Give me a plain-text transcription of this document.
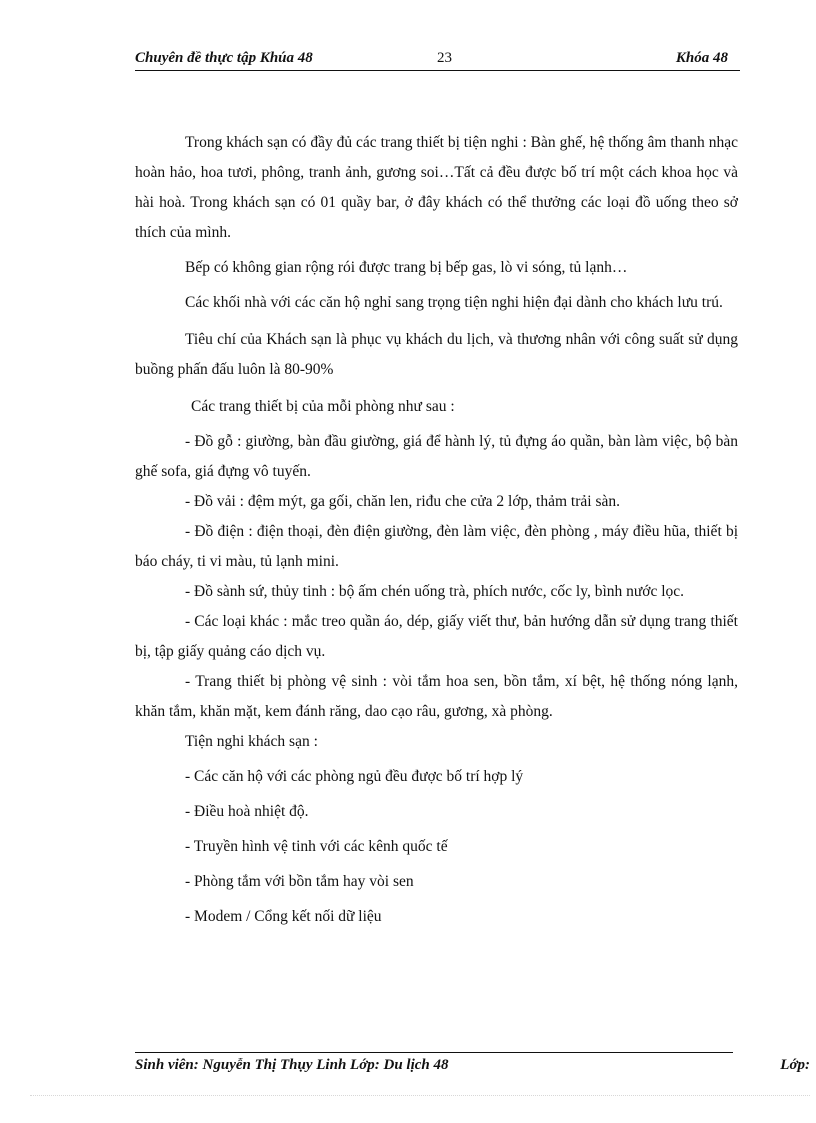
Chuyên đề thực tập Khúa 48	23	Khóa 48

Trong khách sạn có đầy đủ các trang thiết bị tiện nghi : Bàn ghế, hệ thống âm thanh nhạc hoàn hảo, hoa tươi, phông, tranh ảnh, gương soi…Tất cả đều được bố trí một cách khoa học và hài hoà. Trong khách sạn có 01 quầy bar, ở đây khách có thể thưởng các loại đồ uống theo sở thích của mình.

Bếp có không gian rộng rói được trang bị bếp gas, lò vi sóng, tủ lạnh…

Các khối nhà với các căn hộ nghỉ sang trọng tiện nghi hiện đại dành cho khách lưu trú.

Tiêu chí của Khách sạn là phục vụ khách du lịch, và thương nhân với công suất sử dụng buồng phấn đấu luôn là 80-90%

Các trang thiết bị của mỗi phòng như sau :

- Đồ gỗ : giường, bàn đầu giường, giá để hành lý, tủ đựng áo quần, bàn làm việc, bộ bàn ghế sofa, giá đựng vô tuyến.

- Đồ vải : đệm mýt, ga gối, chăn len, riđu che cửa 2 lớp, thảm trải sàn.

- Đồ điện : điện thoại, đèn điện giường, đèn làm việc, đèn phòng , máy điều hũa, thiết bị báo cháy, ti vi màu, tủ lạnh mini.

- Đồ sành sứ, thủy tinh : bộ ấm chén uống trà, phích nước, cốc ly, bình nước lọc.

- Các loại khác : mắc treo quần áo, dép, giấy viết thư, bản hướng dẫn sử dụng trang thiết bị, tập giấy quảng cáo dịch vụ.

- Trang thiết bị phòng vệ sinh : vòi tắm hoa sen, bồn tắm, xí bệt, hệ thống nóng lạnh, khăn tắm, khăn mặt, kem đánh răng, dao cạo râu, gương, xà phòng.

Tiện nghi khách sạn :

- Các căn hộ với các phòng ngủ đều được bố trí hợp lý

- Điều hoà nhiệt độ.

- Truyền hình vệ tinh với các kênh quốc tế

- Phòng tắm với bồn tắm hay vòi sen

- Modem / Cổng kết nối dữ liệu

Sinh viên: Nguyễn Thị Thụy Linh Lớp: Du lịch 48	Lớp:
